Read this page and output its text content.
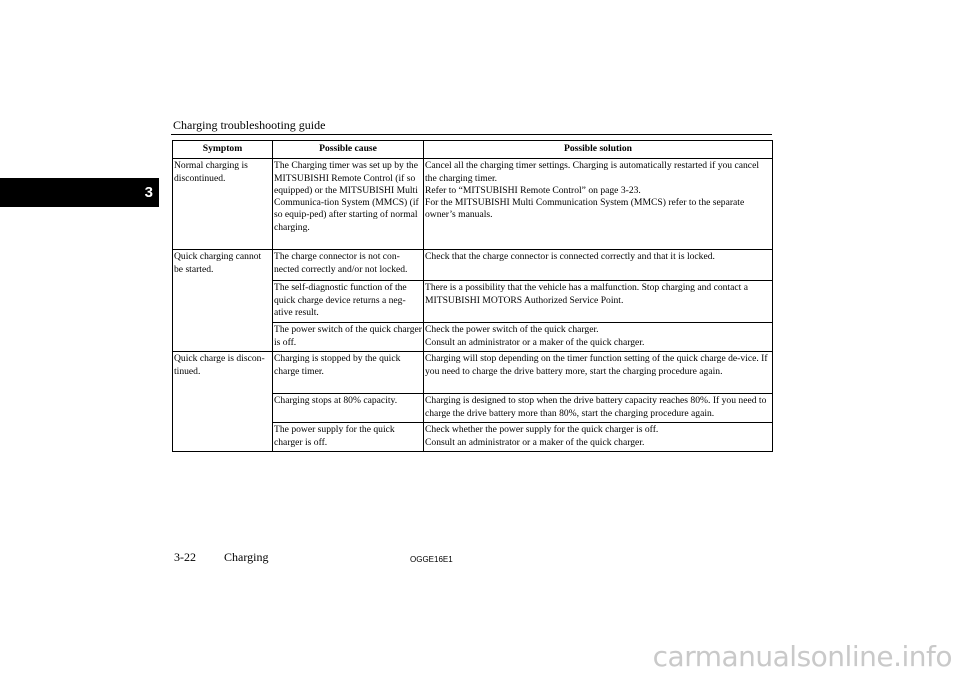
Charging troubleshooting guide
3
Symptom	Possible cause	Possible solution
Normal charging is discontinued.	The Charging timer was set up by the MITSUBISHI Remote Control (if so equipped) or the MITSUBISHI Multi Communica-tion System (MMCS) (if so equip-ped) after starting of normal charging.	Cancel all the charging timer settings. Charging is automatically restarted if you cancel the charging timer.
Refer to “MITSUBISHI Remote Control” on page 3-23.
For the MITSUBISHI Multi Communication System (MMCS) refer to the separate owner’s manuals.
Quick charging cannot be started.	The charge connector is not con-nected correctly and/or not locked.	Check that the charge connector is connected correctly and that it is locked.
	The self-diagnostic function of the quick charge device returns a neg-ative result.	There is a possibility that the vehicle has a malfunction. Stop charging and contact a MITSUBISHI MOTORS Authorized Service Point.
	The power switch of the quick charger is off.	Check the power switch of the quick charger.
Consult an administrator or a maker of the quick charger.
Quick charge is discon-tinued.	Charging is stopped by the quick charge timer.	Charging will stop depending on the timer function setting of the quick charge de-vice. If you need to charge the drive battery more, start the charging procedure again.
	Charging stops at 80% capacity.	Charging is designed to stop when the drive battery capacity reaches 80%. If you need to charge the drive battery more than 80%, start the charging procedure again.
	The power supply for the quick charger is off.	Check whether the power supply for the quick charger is off.
Consult an administrator or a maker of the quick charger.
3-22 Charging	OGGE16E1
carmanualsonline.info
